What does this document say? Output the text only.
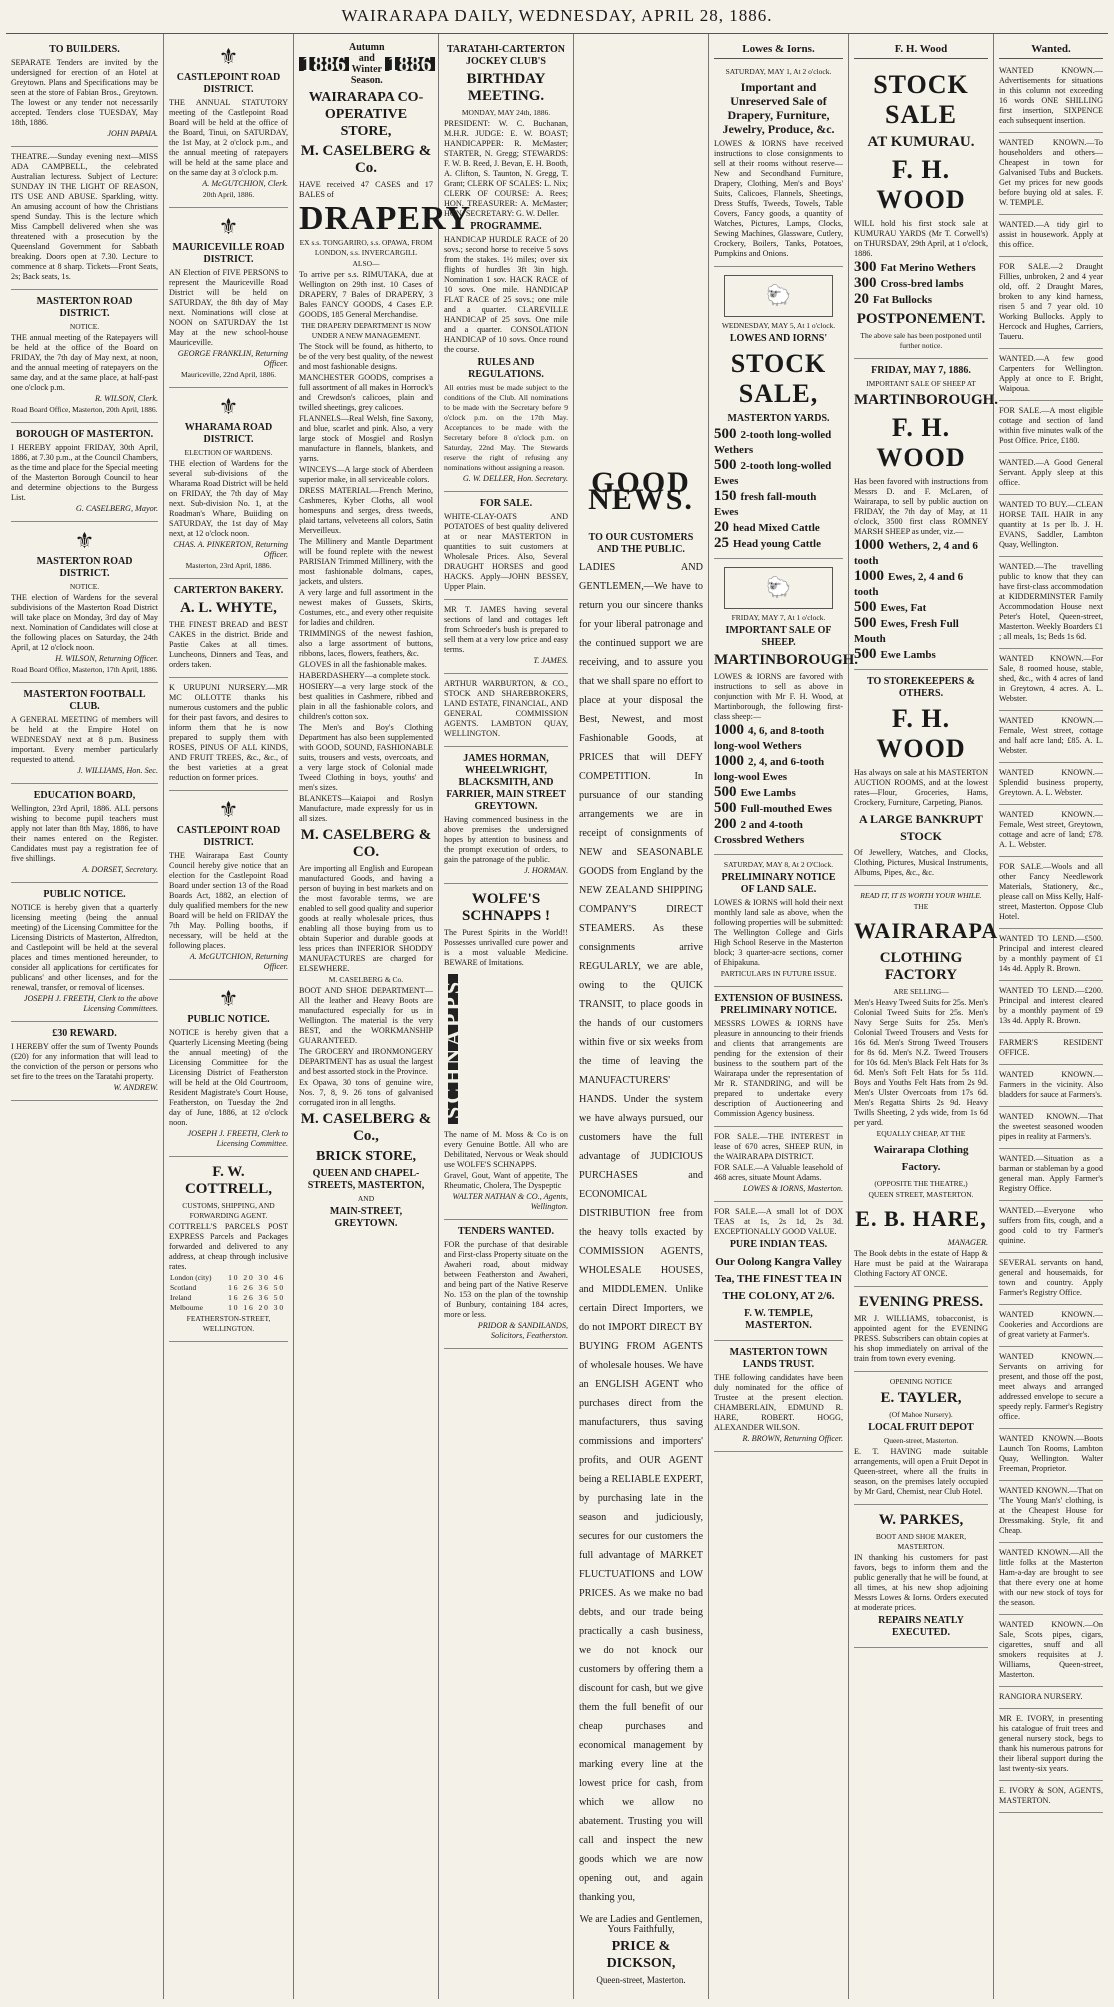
WAIRARAPA DAILY, WEDNESDAY, APRIL 28, 1886.
TO BUILDERS.
SEPARATE Tenders are invited by the undersigned for erection of an Hotel at Greytown. Plans and Specifications may be seen at the store of Fabian Bros., Greytown. The lowest or any tender not necessarily accepted. Tenders close TUESDAY, May 18th, 1886.
JOHN PAPAIA.
THEATRE.—Sunday evening next—MISS ADA CAMPBELL, the celebrated Australian lecturess. Subject of Lecture: SUNDAY IN THE LIGHT OF REASON, ITS USE AND ABUSE. Sparkling, witty. An amusing account of how the Christians spend Sunday. This is the lecture which Miss Campbell delivered when she was threatened with a prosecution by the Queensland Government for Sabbath breaking. Doors open at 7.30. Lecture to commence at 8 sharp. Tickets—Front Seats, 2s; Back seats, 1s.
MASTERTON ROAD DISTRICT.
NOTICE.
THE annual meeting of the Ratepayers will be held at the office of the Board on FRIDAY, the 7th day of May next, at noon, and the annual meeting of ratepayers on the same day, and at the same place, at half-past one o'clock p.m.
R. WILSON, Clerk.
Road Board Office, Masterton, 20th April, 1886.
BOROUGH OF MASTERTON.
I HEREBY appoint FRIDAY, 30th April, 1886, at 7.30 p.m., at the Council Chambers, as the time and place for the Special meeting of the Masterton Borough Council to hear and determine objections to the Burgess List.
G. CASELBERG, Mayor.
⚜
MASTERTON ROAD DISTRICT.
NOTICE.
THE election of Wardens for the several subdivisions of the Masterton Road District will take place on Monday, 3rd day of May next. Nomination of Candidates will close at the following places on Saturday, the 24th April, at 12 o'clock noon.
H. WILSON, Returning Officer.
Road Board Office, Masterton, 17th April, 1886.
MASTERTON FOOTBALL CLUB.
A GENERAL MEETING of members will be held at the Empire Hotel on WEDNESDAY next at 8 p.m. Business important. Every member particularly requested to attend.
J. WILLIAMS, Hon. Sec.
EDUCATION BOARD,
Wellington, 23rd April, 1886. ALL persons wishing to become pupil teachers must apply not later than 8th May, 1886, to have their names entered on the Register. Candidates must pay a registration fee of five shillings.
A. DORSET, Secretary.
PUBLIC NOTICE.
NOTICE is hereby given that a quarterly licensing meeting (being the annual meeting) of the Licensing Committee for the Licensing Districts of Masterton, Alfredton, and Castlepoint will be held at the several places and times mentioned hereunder, to consider all applications for certificates for publicans' and other licenses, and for the renewal, transfer, or removal of licenses.
JOSEPH J. FREETH, Clerk to the above Licensing Committees.
£30 REWARD.
I HEREBY offer the sum of Twenty Pounds (£20) for any information that will lead to the conviction of the person or persons who set fire to the trees on the Taratahi property.
W. ANDREW.
⚜
CASTLEPOINT ROAD DISTRICT.
THE ANNUAL STATUTORY meeting of the Castlepoint Road Board will be held at the office of the Board, Tinui, on SATURDAY, the 1st May, at 2 o'clock p.m., and the annual meeting of ratepayers will be held at the same place and on the same day at 3 o'clock p.m.
A. McGUTCHION, Clerk.
20th April, 1886.
⚜
MAURICEVILLE ROAD DISTRICT.
AN Election of FIVE PERSONS to represent the Mauriceville Road District will be held on SATURDAY, the 8th day of May next. Nominations will close at NOON on SATURDAY the 1st May at the new school-house Mauriceville.
GEORGE FRANKLIN, Returning Officer.
Mauriceville, 22nd April, 1886.
⚜
WHARAMA ROAD DISTRICT.
ELECTION OF WARDENS.
THE election of Wardens for the several sub-divisions of the Wharama Road District will be held on FRIDAY, the 7th day of May next. Sub-division No. 1, at the Roadman's Whare, Buiiding on SATURDAY, the 1st day of May next, at 12 o'clock noon.
CHAS. A. PINKERTON, Returning Officer.
Masterton, 23rd April, 1886.
CARTERTON BAKERY.
A. L. WHYTE,
THE FINEST BREAD and BEST CAKES in the district. Bride and Pastie Cakes at all times. Luncheons, Dinners and Teas, and orders taken.
K URUPUNI NURSERY.—MR MC OLLOTTE thanks his numerous customers and the public for their past favors, and desires to inform them that he is now prepared to supply them with ROSES, PINUS OF ALL KINDS, AND FRUIT TREES, &c., &c., of the best varieties at a great reduction on former prices.
⚜
CASTLEPOINT ROAD DISTRICT.
THE Wairarapa East County Council hereby give notice that an election for the Castlepoint Road Board under section 13 of the Road Boards Act, 1882, an election of duly qualified members for the new Board will be held on FRIDAY the 7th May. Polling booths, if necessary, will be held at the following places.
A. McGUTCHION, Returning Officer.
⚜
PUBLIC NOTICE.
NOTICE is hereby given that a Quarterly Licensing Meeting (being the annual meeting) of the Licensing Committee for the Licensing District of Featherston will be held at the Old Courtroom, Resident Magistrate's Court House, Featherston, on Tuesday the 2nd day of June, 1886, at 12 o'clock noon.
JOSEPH J. FREETH, Clerk to Licensing Committee.
F. W. COTTRELL,
CUSTOMS, SHIPPING, AND FORWARDING AGENT.
COTTRELL'S PARCELS POST EXPRESS Parcels and Packages forwarded and delivered to any address, at cheap through inclusive rates.
London (city)	1 0	2 0	3 0	4 6
Scotland	1 6	2 6	3 6	5 0
Ireland	1 6	2 6	3 6	5 0
Melbourne	1 0	1 6	2 0	3 0
FEATHERSTON-STREET, WELLINGTON.
1886
Autumn and Winter Season.
1886
WAIRARAPA CO-OPERATIVE STORE,
M. CASELBERG & Co.
HAVE received 47 CASES and 17 BALES of
DRAPERY
EX s.s. TONGARIRO, s.s. OPAWA, FROM LONDON, s.s. INVERCARGILL
ALSO—
To arrive per s.s. RIMUTAKA, due at Wellington on 29th inst. 10 Cases of DRAPERY, 7 Bales of DRAPERY, 3 Bales FANCY GOODS, 4 Cases E.P. GOODS, 185 General Merchandise.
THE DRAPERY DEPARTMENT IS NOW UNDER A NEW MANAGEMENT.
The Stock will be found, as hitherto, to be of the very best quality, of the newest and most fashionable designs.
MANCHESTER GOODS, comprises a full assortment of all makes in Horrock's and Crewdson's calicoes, plain and twilled sheetings, grey calicoes.
FLANNELS—Real Welsh, fine Saxony, and blue, scarlet and pink. Also, a very large stock of Mosgiel and Roslyn manufacture in flannels, blankets, and yarns.
WINCEYS—A large stock of Aberdeen superior make, in all serviceable colors.
DRESS MATERIAL—French Merino, Cashmeres, Kyber Cloths, all wool homespuns and serges, dress tweeds, plaid tartans, velveteens all colors, Satin Merveilleux.
The Millinery and Mantle Department will be found replete with the newest PARISIAN Trimmed Millinery, with the most fashionable dolmans, capes, jackets, and ulsters.
A very large and full assortment in the newest makes of Gussets, Skirts, Costumes, etc., and every other requisite for ladies and children.
TRIMMINGS of the newest fashion, also a large assortment of buttons, ribbons, laces, flowers, feathers, &c.
GLOVES in all the fashionable makes.
HABERDASHERY—a complete stock.
HOSIERY—a very large stock of the best qualities in Cashmere, ribbed and plain in all the fashionable colors, and children's cotton sox.
The Men's and Boy's Clothing Department has also been supplemented with GOOD, SOUND, FASHIONABLE suits, trousers and vests, overcoats, and a very large stock of Colonial made Tweed Clothing in boys, youths' and men's sizes.
BLANKETS—Kaiapoi and Roslyn Manufacture, made expressly for us in all sizes.
M. CASELBERG & CO.
Are importing all English and European manufactured Goods, and having a person of buying in best markets and on the most favorable terms, we are enabled to sell good quality and superior goods at really wholesale prices, thus enabling all those buying from us to obtain Superior and durable goods at less prices than INFERIOR SHODDY MANUFACTURES are charged for ELSEWHERE.
M. CASELBERG & Co.
BOOT AND SHOE DEPARTMENT—All the leather and Heavy Boots are manufactured especially for us in Wellington. The material is the very BEST, and the WORKMANSHIP GUARANTEED.
The GROCERY and IRONMONGERY DEPARTMENT has as usual the largest and best assorted stock in the Province.
Ex Opawa, 30 tons of genuine wire, Nos. 7, 8, 9. 26 tons of galvanised corrugated iron in all lengths.
M. CASELBERG & Co.,
BRICK STORE,
QUEEN AND CHAPEL-STREETS, MASTERTON,
AND
MAIN-STREET, GREYTOWN.
TARATAHI-CARTERTON JOCKEY CLUB'S
BIRTHDAY MEETING.
MONDAY, MAY 24th, 1886.
PRESIDENT: W. C. Buchanan, M.H.R. JUDGE: E. W. BOAST; HANDICAPPER: R. McMaster; STARTER, N. Gregg; STEWARDS: F. W. B. Reed, J. Bevan, E. H. Booth, A. Clifton, S. Taunton, N. Gregg, T. Grant; CLERK OF SCALES: L. Nix; CLERK OF COURSE: A. Rees; HON. TREASURER: A. McMaster; HON. SECRETARY: G. W. Deller.
PROGRAMME.
HANDICAP HURDLE RACE of 20 sovs.; second horse to receive 5 sovs from the stakes. 1½ miles; over six flights of hurdles 3ft 3in high. Nomination 1 sov. HACK RACE of 10 sovs. One mile. HANDICAP FLAT RACE of 25 sovs.; one mile and a quarter. CLAREVILLE HANDICAP of 25 sovs. One mile and a quarter. CONSOLATION HANDICAP of 10 sovs. Once round the course.
RULES AND REGULATIONS.
All entries must be made subject to the conditions of the Club. All nominations to be made with the Secretary before 9 o'clock p.m. on the 17th May. Acceptances to be made with the Secretary before 8 o'clock p.m. on Saturday, 22nd May. The Stewards reserve the right of refusing any nominations without assigning a reason.
G. W. DELLER, Hon. Secretary.
FOR SALE.
WHITE-CLAY-OATS AND POTATOES of best quality delivered at or near MASTERTON in quantities to suit customers at Wholesale Prices. Also, Several DRAUGHT HORSES and good HACKS. Apply—JOHN BESSEY, Upper Plain.
MR T. JAMES having several sections of land and cottages left from Schroeder's bush is prepared to sell them at a very low price and easy terms.
T. JAMES.
ARTHUR WARBURTON, & CO., STOCK AND SHAREBROKERS, LAND ESTATE, FINANCIAL, AND GENERAL COMMISSION AGENTS. LAMBTON QUAY, WELLINGTON.
JAMES HORMAN, WHEELWRIGHT, BLACKSMITH, AND FARRIER, MAIN STREET GREYTOWN.
Having commenced business in the above premises the undersigned hopes by attention to business and the prompt execution of orders, to gain the patronage of the public.
J. HORMAN.
WOLFE'S SCHNAPPS !
The Purest Spirits in the World!! Possesses unrivalled cure power and is a most valuable Medicine. BEWARE of Imitations.
SCHNAPPS
The name of M. Moss & Co is on every Genuine Bottle. All who are Debilitated, Nervous or Weak should use WOLFE'S SCHNAPPS.
Gravel, Gout, Want of appetite, The Rheumatic, Cholera, The Dyspeptic
WALTER NATHAN & CO., Agents, Wellington.
TENDERS WANTED.
FOR the purchase of that desirable and First-class Property situate on the Awaheri road, about midway between Featherston and Awaheri, and being part of the Native Reserve No. 153 on the plan of the township of Bunbury, containing 184 acres, more or less.
PRIDOR & SANDILANDS, Solicitors, Featherston.
GOOD NEWS.
TO OUR CUSTOMERS AND THE PUBLIC.
LADIES AND GENTLEMEN,—We have to return you our sincere thanks for your liberal patronage and the continued support we are receiving, and to assure you that we shall spare no effort to place at your disposal the Best, Newest, and most Fashionable Goods, at PRICES that will DEFY COMPETITION. In pursuance of our standing arrangements we are in receipt of consignments of NEW and SEASONABLE GOODS from England by the NEW ZEALAND SHIPPING COMPANY'S DIRECT STEAMERS. As these consignments arrive REGULARLY, we are able, owing to the QUICK TRANSIT, to place goods in the hands of our customers within five or six weeks from the time of leaving the MANUFACTURERS' HANDS. Under the system we have always pursued, our customers have the full advantage of JUDICIOUS PURCHASES and ECONOMICAL DISTRIBUTION free from the heavy tolls exacted by COMMISSION AGENTS, WHOLESALE HOUSES, and MIDDLEMEN. Unlike certain Direct Importers, we do not IMPORT DIRECT BY BUYING FROM AGENTS of wholesale houses. We have an ENGLISH AGENT who purchases direct from the manufacturers, thus saving commissions and importers' profits, and OUR AGENT being a RELIABLE EXPERT, by purchasing late in the season and judiciously, secures for our customers the full advantage of MARKET FLUCTUATIONS and LOW PRICES. As we make no bad debts, and our trade being practically a cash business, we do not knock our customers by offering them a discount for cash, but we give them the full benefit of our cheap purchases and economical management by marking every line at the lowest price for cash, from which we allow no abatement. Trusting you will call and inspect the new goods which we are now opening out, and again thanking you,
We are Ladies and Gentlemen, Yours Faithfully,
PRICE & DICKSON,
Queen-street, Masterton.
Lowes & Iorns.
SATURDAY, MAY 1, At 2 o'clock.
Important and Unreserved Sale of Drapery, Furniture, Jewelry, Produce, &c.
LOWES & IORNS have received instructions to close consignments to sell at their rooms without reserve—New and Secondhand Furniture, Drapery, Clothing, Men's and Boys' Suits, Calicoes, Flannels, Sheetings, Dress Stuffs, Tweeds, Towels, Table Covers, Fancy goods, a quantity of Watches, Pictures, Lamps, Clocks, Sewing Machines, Glassware, Cutlery, Crockery, Boilers, Tanks, Potatoes, Pumpkins and Onions.
🐑
WEDNESDAY, MAY 5, At 1 o'clock.
LOWES AND IORNS'
STOCK SALE,
MASTERTON YARDS.
500 2-tooth long-wolled Wethers
500 2-tooth long-wolled Ewes
150 fresh fall-mouth Ewes
20 head Mixed Cattle
25 Head young Cattle
🐑
FRIDAY, MAY 7, At 1 o'clock.
IMPORTANT SALE OF SHEEP.
MARTINBOROUGH.
LOWES & IORNS are favored with instructions to sell as above in conjunction with Mr F. H. Wood, at Martinborough, the following first-class sheep:—
1000 4, 6, and 8-tooth long-wool Wethers
1000 2, 4, and 6-tooth long-wool Ewes
500 Ewe Lambs
500 Full-mouthed Ewes
200 2 and 4-tooth Crossbred Wethers
SATURDAY, MAY 8, At 2 O'Clock.
PRELIMINARY NOTICE OF LAND SALE.
LOWES & IORNS will hold their next monthly land sale as above, when the following properties will be submitted: The Wellington College and Girls High School Reserve in the Masterton block; 3 quarter-acre sections, corner of Ehipakuna.
PARTICULARS IN FUTURE ISSUE.
EXTENSION OF BUSINESS. PRELIMINARY NOTICE.
MESSRS LOWES & IORNS have pleasure in announcing to their friends and clients that arrangements are pending for the extension of their business to the southern part of the Wairarapa under the representation of Mr R. STANDRING, and will be prepared to undertake every description of Auctioneering and Commission Agency business.
FOR SALE.—THE INTEREST in lease of 670 acres, SHEEP RUN, in the WAIRARAPA DISTRICT.
FOR SALE.—A Valuable leasehold of 468 acres, situate Mount Adams.
LOWES & IORNS, Masterton.
FOR SALE.—A small lot of DOX TEAS at 1s, 2s 1d, 2s 3d. EXCEPTIONALLY GOOD VALUE.
PURE INDIAN TEAS.
Our Oolong Kangra Valley Tea, THE FINEST TEA IN THE COLONY, AT 2/6.
F. W. TEMPLE, MASTERTON.
MASTERTON TOWN LANDS TRUST.
THE following candidates have been duly nominated for the office of Trustee at the present election. CHAMBERLAIN, EDMUND R. HARE, ROBERT. HOGG, ALEXANDER WILSON.
R. BROWN, Returning Officer.
F. H. Wood
STOCK SALE
AT KUMURAU.
F. H. WOOD
WILL hold his first stock sale at KUMURAU YARDS (Mr T. Corwell's) on THURSDAY, 29th April, at 1 o'clock, 1886.
300 Fat Merino Wethers
300 Cross-bred lambs
20 Fat Bullocks
POSTPONEMENT.
The above sale has been postponed until further notice.
FRIDAY, MAY 7, 1886.
IMPORTANT SALE OF SHEEP AT
MARTINBOROUGH.
F. H. WOOD
Has been favored with instructions from Messrs D. and F. McLaren, of Wairarapa, to sell by public auction on FRIDAY, the 7th day of May, at 11 o'clock, 3500 first class ROMNEY MARSH SHEEP as under, viz.—
1000 Wethers, 2, 4 and 6 tooth
1000 Ewes, 2, 4 and 6 tooth
500 Ewes, Fat
500 Ewes, Fresh Full Mouth
500 Ewe Lambs
TO STOREKEEPERS & OTHERS.
F. H. WOOD
Has always on sale at his MASTERTON AUCTION ROOMS, and at the lowest rates—Flour, Groceries, Hams, Crockery, Furniture, Carpeting, Pianos.
A LARGE BANKRUPT STOCK
Of Jewellery, Watches, and Clocks, Clothing, Pictures, Musical Instruments, Albums, Pipes, &c., &c.
READ IT, IT IS WORTH YOUR WHILE.
THE
WAIRARAPA
CLOTHING FACTORY
ARE SELLING—
Men's Heavy Tweed Suits for 25s. Men's Colonial Tweed Suits for 25s. Men's Navy Serge Suits for 25s. Men's Colonial Tweed Trousers and Vests for 16s 6d. Men's Strong Tweed Trousers for 8s 6d. Men's N.Z. Tweed Trousers for 10s 6d. Men's Black Felt Hats for 3s 6d. Men's Soft Felt Hats for 5s 11d. Boys and Youths Felt Hats from 2s 9d. Men's Ulster Overcoats from 17s 6d. Men's Regatta Shirts 2s 9d. Heavy Twills Sheeting, 2 yds wide, from 1s 6d per yard.
EQUALLY CHEAP, AT THE
Wairarapa Clothing Factory.
(OPPOSITE THE THEATRE,)
QUEEN STREET, MASTERTON.
E. B. HARE,
MANAGER.
The Book debts in the estate of Happ & Hare must be paid at the Wairarapa Clothing Factory AT ONCE.
EVENING PRESS.
MR J. WILLIAMS, tobacconist, is appointed agent for the EVENING PRESS. Subscribers can obtain copies at his shop immediately on arrival of the train from town every evening.
OPENING NOTICE
E. TAYLER,
(Of Mahoe Nursery).
LOCAL FRUIT DEPOT
Queen-street, Masterton.
E. T. HAVING made suitable arrangements, will open a Fruit Depot in Queen-street, where all the fruits in season, on the premises lately occupied by Mr Gard, Chemist, near Club Hotel.
W. PARKES,
BOOT AND SHOE MAKER, MASTERTON.
IN thanking his customers for past favors, begs to inform them and the public generally that he will be found, at all times, at his new shop adjoining Messrs Lowes & Iorns. Orders executed at moderate prices.
REPAIRS NEATLY EXECUTED.
Wanted.
WANTED KNOWN.—Advertisements for situations in this column not exceeding 16 words ONE SHILLING first insertion, SIXPENCE each subsequent insertion.
WANTED KNOWN.—To householders and others—Cheapest in town for Galvanised Tubs and Buckets. Get my prices for new goods before buying old at sales. F. W. TEMPLE.
WANTED.—A tidy girl to assist in housework. Apply at this office.
FOR SALE.—2 Draught Fillies, unbroken, 2 and 4 year old, off. 2 Draught Mares, broken to any kind harness, risen 5 and 7 year old. 10 Working Bullocks. Apply to Hercock and Hughes, Carriers, Taueru.
WANTED.—A few good Carpenters for Wellington. Apply at once to F. Bright, Waipoua.
FOR SALE.—A most eligible cottage and section of land within five minutes walk of the Post Office. Price, £180.
WANTED.—A Good General Servant. Apply sleep at this office.
WANTED TO BUY.—CLEAN HORSE TAIL HAIR in any quantity at 1s per lb. J. H. EVANS, Saddler, Lambton Quay, Wellington.
WANTED.—The travelling public to know that they can have first-class accommodation at KIDDERMINSTER Family Accommodation House next Peter's Hotel, Queen-street, Masterton. Weekly Boarders £1 ; all meals, 1s; Beds 1s 6d.
WANTED KNOWN.—For Sale, 8 roomed house, stable, shed, &c., with 4 acres of land in Greytown, 4 acres. A. L. Webster.
WANTED KNOWN.—Fernale, West street, cottage and half acre land; £85. A. L. Webster.
WANTED KNOWN.—Splendid business property, Greytown. A. L. Webster.
WANTED KNOWN.—Female, West street, Greytown, cottage and acre of land; £78. A. L. Webster.
FOR SALE.—Wools and all other Fancy Needlework Materials, Stationery, &c., please call on Miss Kelly, Half-street, Masterton. Oppose Club Hotel.
WANTED TO LEND.—£500. Principal and interest cleared by a monthly payment of £1 14s 4d. Apply R. Brown.
WANTED TO LEND.—£200. Principal and interest cleared by a monthly payment of £9 13s 4d. Apply R. Brown.
FARMER'S RESIDENT OFFICE.
WANTED KNOWN.—Farmers in the vicinity. Also bladders for sauce at Farmers's.
WANTED KNOWN.—That the sweetest seasoned wooden pipes in reality at Farmers's.
WANTED.—Situation as a barman or stableman by a good general man. Apply Farmer's Registry Office.
WANTED.—Everyone who suffers from fits, cough, and a good cold to try Farmer's quinine.
SEVERAL servants on hand, general and housemaids, for town and country. Apply Farmer's Registry Office.
WANTED KNOWN.—Cookeries and Accordions are of great variety at Farmer's.
WANTED KNOWN.—Servants on arriving for present, and those off the post, meet always and arranged addressed envelope to secure a speedy reply. Farmer's Registry office.
WANTED KNOWN.—Boots Launch Ton Rooms, Lambton Quay, Wellington. Walter Freeman, Proprietor.
WANTED KNOWN.—That on 'The Young Man's' clothing, is at the Cheapest House for Dressmaking. Style, fit and Cheap.
WANTED KNOWN.—All the little folks at the Masterton Ham-a-day are brought to see that there every one at home with our new stock of toys for the season.
WANTED KNOWN.—On Sale, Scots pipes, cigars, cigarettes, snuff and all smokers requisites at J. Williams, Queen-street, Masterton.
RANGIORA NURSERY.
MR E. IVORY, in presenting his catalogue of fruit trees and general nursery stock, begs to thank his numerous patrons for their liberal support during the last twenty-six years.
E. IVORY & SON, AGENTS, MASTERTON.
